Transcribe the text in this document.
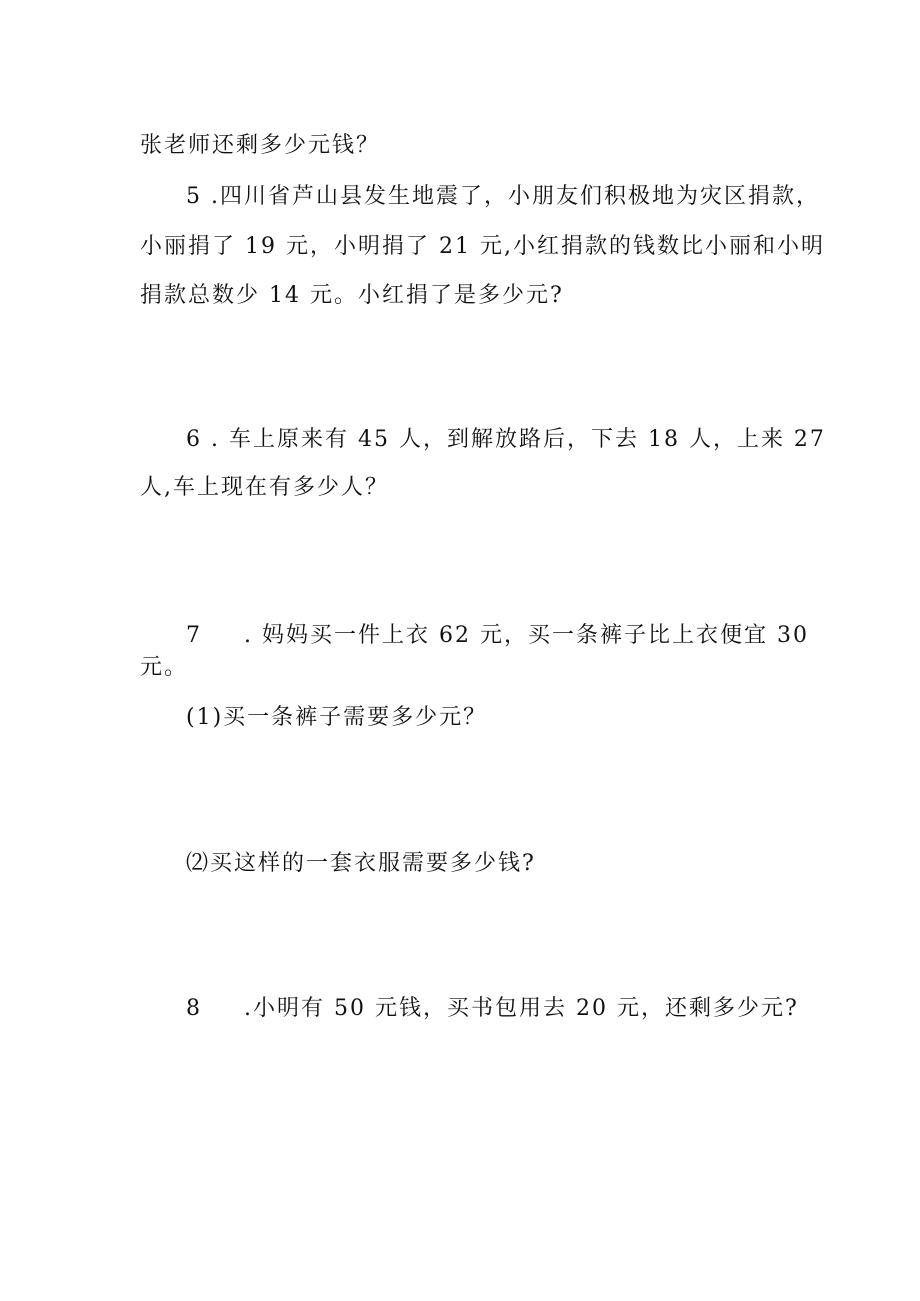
张老师还剩多少元钱？
5 .四川省芦山县发生地震了，小朋友们积极地为灾区捐款，
小丽捐了 19 元，小明捐了 21 元,小红捐款的钱数比小丽和小明
捐款总数少 14 元。小红捐了是多少元?
6 . 车上原来有 45 人，到解放路后，下去 18 人，上来 27
人,车上现在有多少人？
7 . 妈妈买一件上衣 62 元，买一条裤子比上衣便宜 30
元。
(1)买一条裤子需要多少元？
⑵买这样的一套衣服需要多少钱?
8 .小明有 50 元钱，买书包用去 20 元，还剩多少元?
